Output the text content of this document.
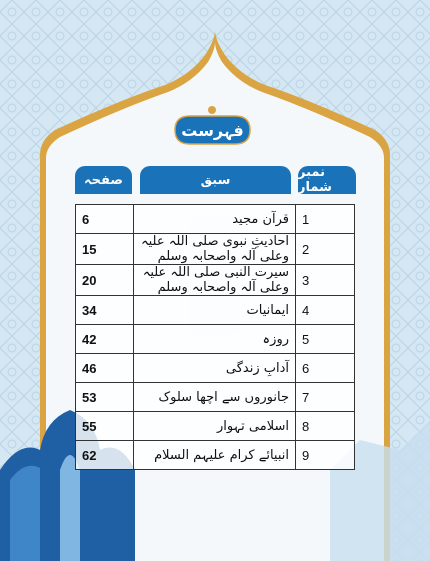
فہرست
صفحہ	سبق	نمبر شمار
6	قرآن مجید	1
15	احادیثِ نبوی صلی اللہ علیہ وعلی آلہ واصحابہ وسلم	2
20	سیرت النبی صلی اللہ علیہ وعلی آلہ واصحابہ وسلم	3
34	ایمانیات	4
42	روزہ	5
46	آدابِ زندگی	6
53	جانوروں سے اچھا سلوک	7
55	اسلامی تہوار	8
62	انبیائے کرام علیہم السلام	9
